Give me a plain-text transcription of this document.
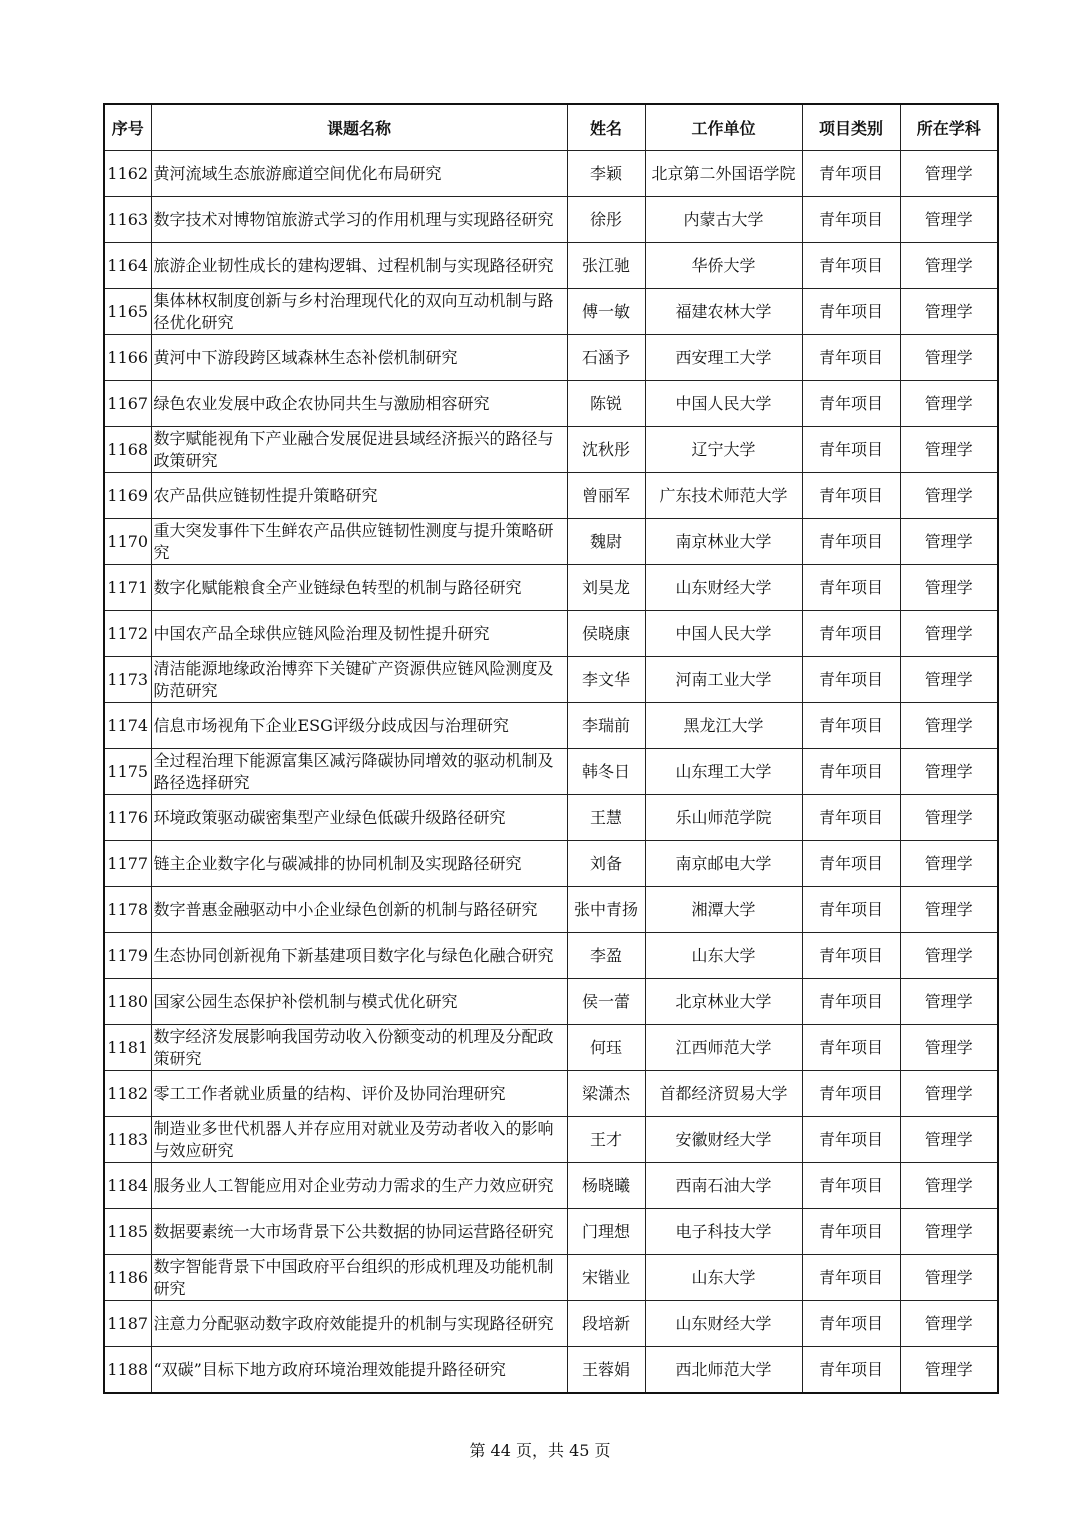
序号	课题名称	姓名	工作单位	项目类别	所在学科
1162	黄河流域生态旅游廊道空间优化布局研究	李颖	北京第二外国语学院	青年项目	管理学
1163	数字技术对博物馆旅游式学习的作用机理与实现路径研究	徐彤	内蒙古大学	青年项目	管理学
1164	旅游企业韧性成长的建构逻辑、过程机制与实现路径研究	张江驰	华侨大学	青年项目	管理学
1165	集体林权制度创新与乡村治理现代化的双向互动机制与路径优化研究	傅一敏	福建农林大学	青年项目	管理学
1166	黄河中下游段跨区域森林生态补偿机制研究	石涵予	西安理工大学	青年项目	管理学
1167	绿色农业发展中政企农协同共生与激励相容研究	陈锐	中国人民大学	青年项目	管理学
1168	数字赋能视角下产业融合发展促进县域经济振兴的路径与政策研究	沈秋彤	辽宁大学	青年项目	管理学
1169	农产品供应链韧性提升策略研究	曾丽军	广东技术师范大学	青年项目	管理学
1170	重大突发事件下生鲜农产品供应链韧性测度与提升策略研究	魏尉	南京林业大学	青年项目	管理学
1171	数字化赋能粮食全产业链绿色转型的机制与路径研究	刘昊龙	山东财经大学	青年项目	管理学
1172	中国农产品全球供应链风险治理及韧性提升研究	侯晓康	中国人民大学	青年项目	管理学
1173	清洁能源地缘政治博弈下关键矿产资源供应链风险测度及防范研究	李文华	河南工业大学	青年项目	管理学
1174	信息市场视角下企业ESG评级分歧成因与治理研究	李瑞前	黑龙江大学	青年项目	管理学
1175	全过程治理下能源富集区减污降碳协同增效的驱动机制及路径选择研究	韩冬日	山东理工大学	青年项目	管理学
1176	环境政策驱动碳密集型产业绿色低碳升级路径研究	王慧	乐山师范学院	青年项目	管理学
1177	链主企业数字化与碳减排的协同机制及实现路径研究	刘备	南京邮电大学	青年项目	管理学
1178	数字普惠金融驱动中小企业绿色创新的机制与路径研究	张中青扬	湘潭大学	青年项目	管理学
1179	生态协同创新视角下新基建项目数字化与绿色化融合研究	李盈	山东大学	青年项目	管理学
1180	国家公园生态保护补偿机制与模式优化研究	侯一蕾	北京林业大学	青年项目	管理学
1181	数字经济发展影响我国劳动收入份额变动的机理及分配政策研究	何珏	江西师范大学	青年项目	管理学
1182	零工工作者就业质量的结构、评价及协同治理研究	梁潇杰	首都经济贸易大学	青年项目	管理学
1183	制造业多世代机器人并存应用对就业及劳动者收入的影响与效应研究	王才	安徽财经大学	青年项目	管理学
1184	服务业人工智能应用对企业劳动力需求的生产力效应研究	杨晓曦	西南石油大学	青年项目	管理学
1185	数据要素统一大市场背景下公共数据的协同运营路径研究	门理想	电子科技大学	青年项目	管理学
1186	数字智能背景下中国政府平台组织的形成机理及功能机制研究	宋锴业	山东大学	青年项目	管理学
1187	注意力分配驱动数字政府效能提升的机制与实现路径研究	段培新	山东财经大学	青年项目	管理学
1188	“双碳”目标下地方政府环境治理效能提升路径研究	王蓉娟	西北师范大学	青年项目	管理学
第 44 页，共 45 页
